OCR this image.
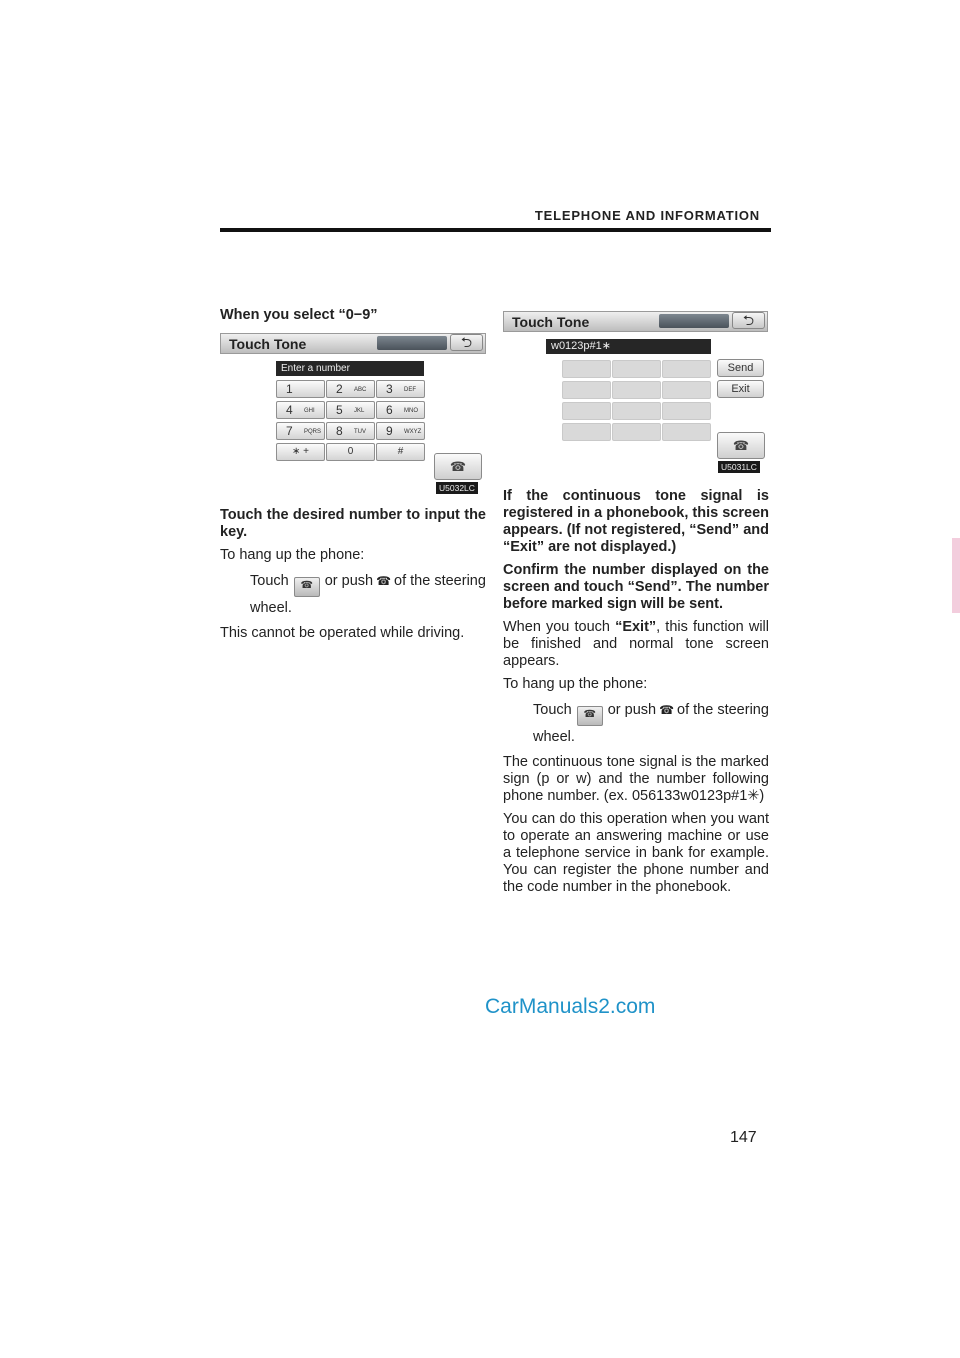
TELEPHONE AND INFORMATION

When you select “0−9”

Touch Tone	⮌
Enter a number
1	2 ABC 3 DEF
4 GHI 5 JKL 6 MNO
7 PQRS 8 TUV 9 WXYZ
∗ +	0	#
☎
U5032LC

Touch the desired number to input the key.

To hang up the phone:

Touch ☎ or push ☎ of the steering wheel.

This cannot be operated while driving.

Touch Tone	⮌
w0123p#1∗
Send
Exit
☎
U5031LC

If the continuous tone signal is registered in a phonebook, this screen appears. (If not registered, “Send” and “Exit” are not displayed.)

Confirm the number displayed on the screen and touch “Send”. The number before marked sign will be sent.

When you touch “Exit”, this function will be finished and normal tone screen appears.

To hang up the phone:

Touch ☎ or push ☎ of the steering wheel.

The continuous tone signal is the marked sign (p or w) and the number following phone number. (ex. 056133w0123p#1✳)

You can do this operation when you want to operate an answering machine or use a telephone service in bank for example. You can register the phone number and the code number in the phonebook.

CarManuals2.com
147
